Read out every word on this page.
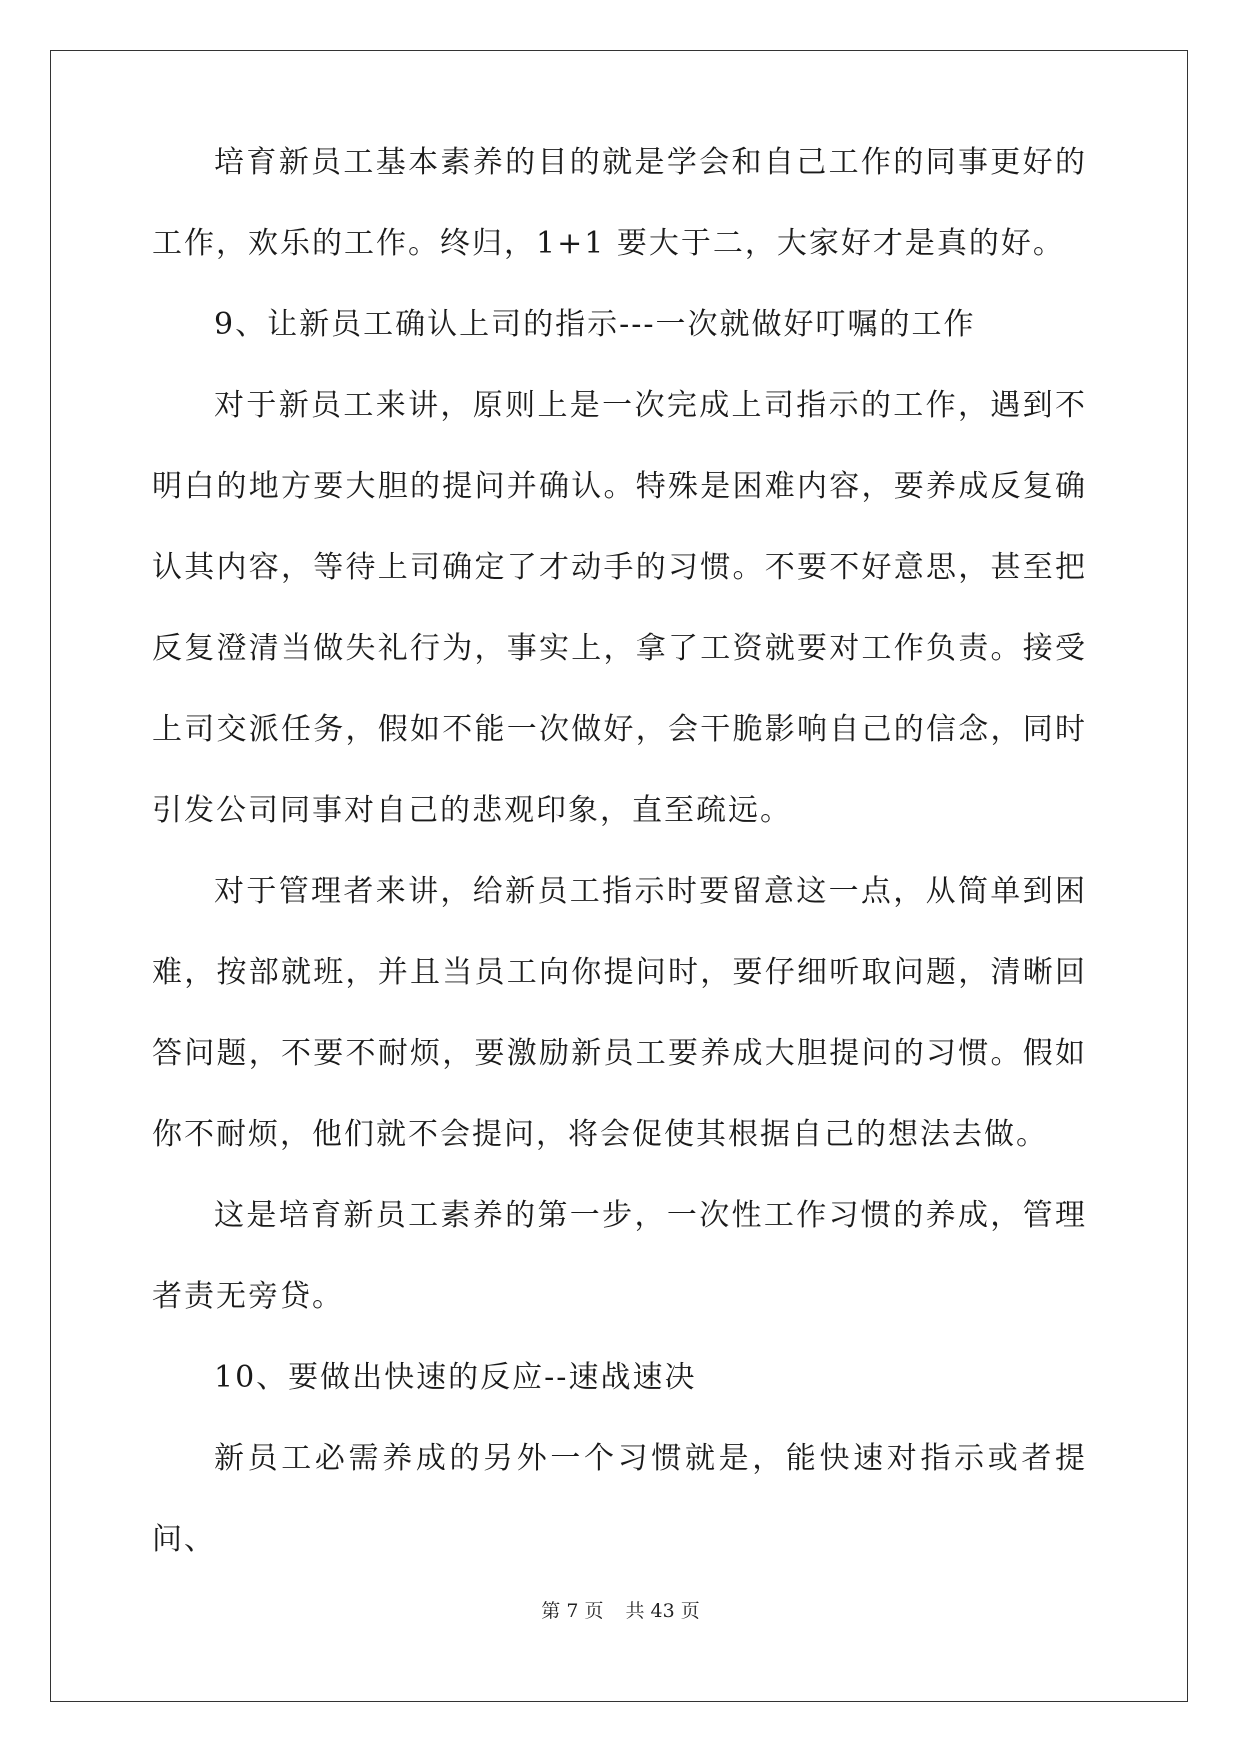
培育新员工基本素养的目的就是学会和自己工作的同事更好的工作，欢乐的工作。终归，1+1 要大于二，大家好才是真的好。

9、让新员工确认上司的指示---一次就做好叮嘱的工作

对于新员工来讲，原则上是一次完成上司指示的工作，遇到不明白的地方要大胆的提问并确认。特殊是困难内容，要养成反复确认其内容，等待上司确定了才动手的习惯。不要不好意思，甚至把反复澄清当做失礼行为，事实上，拿了工资就要对工作负责。接受上司交派任务，假如不能一次做好，会干脆影响自己的信念，同时引发公司同事对自己的悲观印象，直至疏远。

对于管理者来讲，给新员工指示时要留意这一点，从简单到困难，按部就班，并且当员工向你提问时，要仔细听取问题，清晰回答问题，不要不耐烦，要激励新员工要养成大胆提问的习惯。假如你不耐烦，他们就不会提问，将会促使其根据自己的想法去做。

这是培育新员工素养的第一步，一次性工作习惯的养成，管理者责无旁贷。

10、要做出快速的反应--速战速决

新员工必需养成的另外一个习惯就是，能快速对指示或者提问、

第 7 页 共 43 页
